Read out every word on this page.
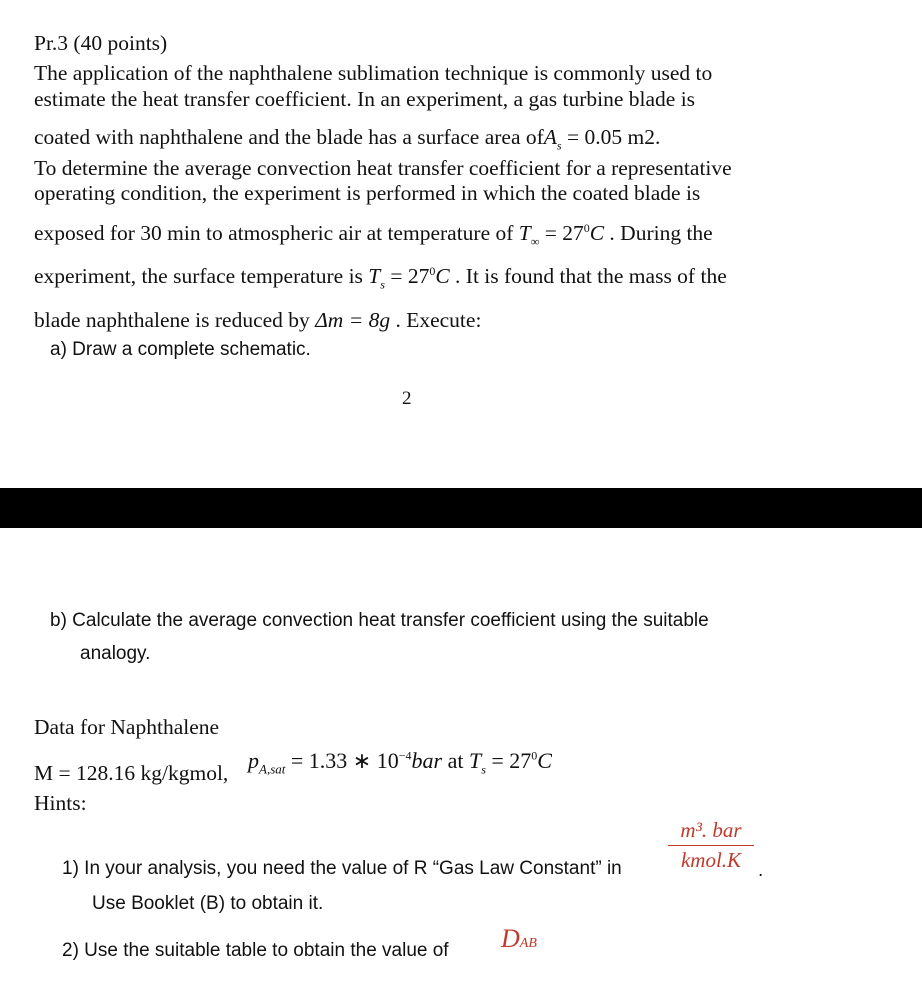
Pr.3 (40 points)
The application of the naphthalene sublimation technique is commonly used to
estimate the heat transfer coefficient. In an experiment, a gas turbine blade is
coated with naphthalene and the blade has a surface area ofA$_s$ = 0.05 m2.
To determine the average convection heat transfer coefficient for a representative
operating condition, the experiment is performed in which the coated blade is
exposed for 30 min to atmospheric air at temperature of $T_\infty = 27^0C$ . During the
experiment, the surface temperature is $T_s = 27^0C$ . It is found that the mass of the
blade naphthalene is reduced by Δm = 8g . Execute:
a) Draw a complete schematic.
2
b) Calculate the average convection heat transfer coefficient using the suitable
analogy.
Data for Naphthalene
M = 128.16 kg/kgmol, $p_{A,sat} = 1.33$ ∗ $10^{-4}bar$ at $T_s = 27^0C$
Hints:
m³. bar
kmol.K
1) In your analysis, you need the value of R “Gas Law Constant” in	.
Use Booklet (B) to obtain it.
2) Use the suitable table to obtain the value of DAB
